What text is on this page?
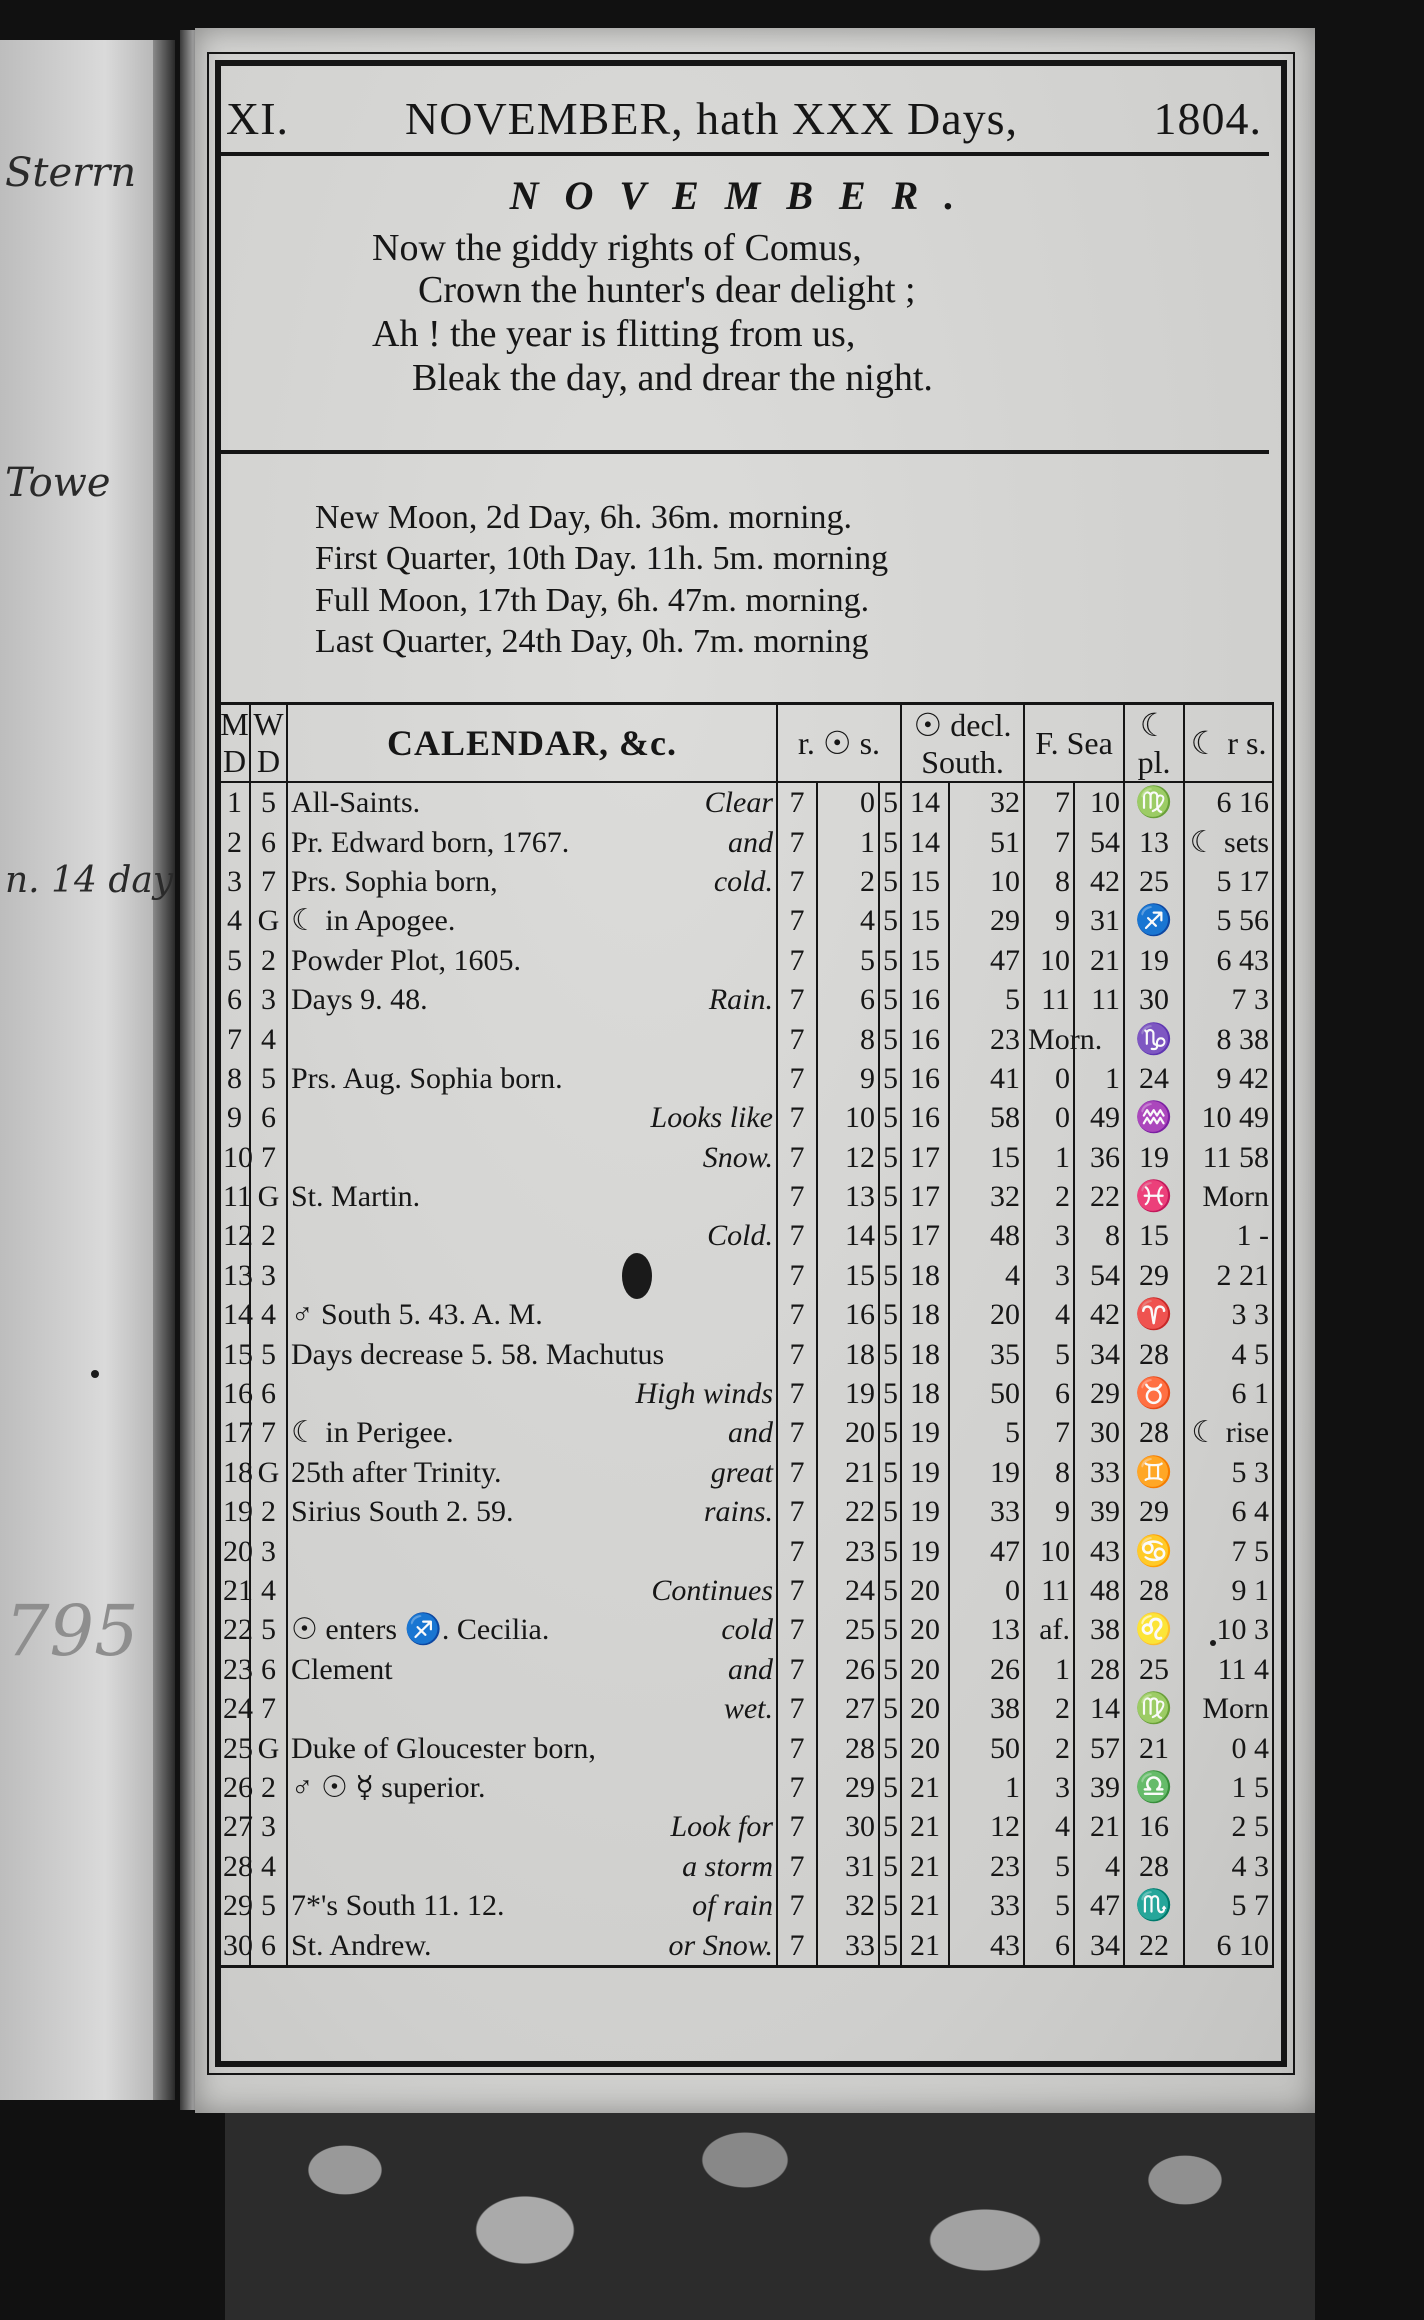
Sterrn
Towe
n. 14 day
795
XI.	NOVEMBER, hath XXX Days,	1804.
NOVEMBER.
Now the giddy rights of Comus,
Crown the hunter's dear delight ;
Ah ! the year is flitting from us,
Bleak the day, and drear the night.
New Moon, 2d Day, 6h. 36m. morning.
First Quarter, 10th Day. 11h. 5m. morning
Full Moon, 17th Day, 6h. 47m. morning.
Last Quarter, 24th Day, 0h. 7m. morning
M D	W D	CALENDAR, &c.	r. ☉ s.			☉ decl. South.		F. Sea		☾ pl.	☾ r s.
1	5	All-Saints. Clear	7	0	5	14	32	7	10	♍	6 16
2	6	Pr. Edward born, 1767. and	7	1	5	14	51	7	54	13	☾ sets
3	7	Prs. Sophia born, cold.	7	2	5	15	10	8	42	25	5 17
4	G	☾ in Apogee.	7	4	5	15	29	9	31	♐	5 56
5	2	Powder Plot, 1605.	7	5	5	15	47	10	21	19	6 43
6	3	Days 9. 48. Rain.	7	6	5	16	5	11	11	30	7 3
7	4		7	8	5	16	23	Morn.		♑	8 38
8	5	Prs. Aug. Sophia born.	7	9	5	16	41	0	1	24	9 42
9	6	Looks like	7	10	5	16	58	0	49	♒	10 49
10	7	Snow.	7	12	5	17	15	1	36	19	11 58
11	G	St. Martin.	7	13	5	17	32	2	22	♓	Morn
12	2	Cold.	7	14	5	17	48	3	8	15	1 -
13	3		7	15	5	18	4	3	54	29	2 21
14	4	♂ South 5. 43. A. M.	7	16	5	18	20	4	42	♈	3 3
15	5	Days decrease 5. 58. Machutus	7	18	5	18	35	5	34	28	4 5
16	6	High winds	7	19	5	18	50	6	29	♉	6 1
17	7	☾ in Perigee. and	7	20	5	19	5	7	30	28	☾ rise
18	G	25th after Trinity. great	7	21	5	19	19	8	33	♊	5 3
19	2	Sirius South 2. 59. rains.	7	22	5	19	33	9	39	29	6 4
20	3		7	23	5	19	47	10	43	♋	7 5
21	4	Continues	7	24	5	20	0	11	48	28	9 1
22	5	☉ enters ♐. Cecilia. cold	7	25	5	20	13	af.	38	♌	10 3
23	6	Clement and	7	26	5	20	26	1	28	25	11 4
24	7	wet.	7	27	5	20	38	2	14	♍	Morn
25	G	Duke of Gloucester born,	7	28	5	20	50	2	57	21	0 4
26	2	♂ ☉ ☿ superior.	7	29	5	21	1	3	39	♎	1 5
27	3	Look for	7	30	5	21	12	4	21	16	2 5
28	4	a storm	7	31	5	21	23	5	4	28	4 3
29	5	7*'s South 11. 12. of rain	7	32	5	21	33	5	47	♏	5 7
30	6	St. Andrew. or Snow.	7	33	5	21	43	6	34	22	6 10
